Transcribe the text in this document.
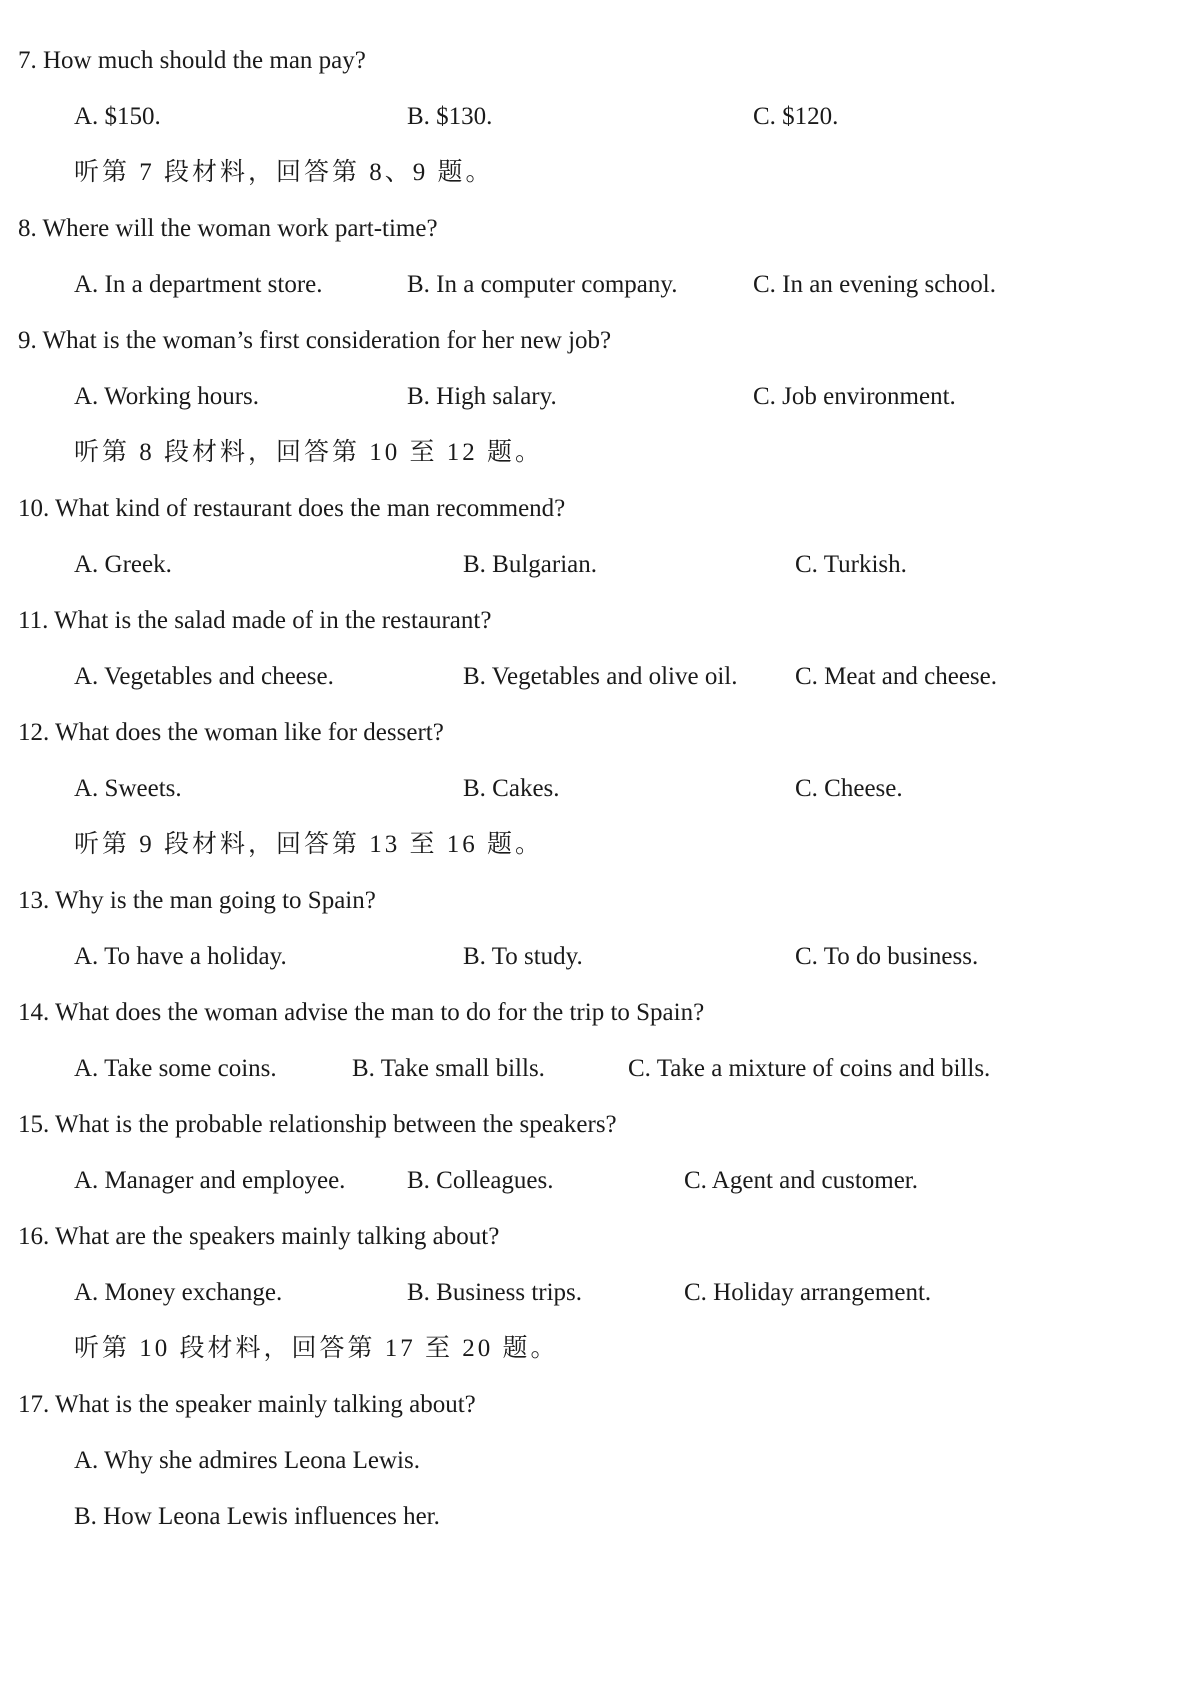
7. How much should the man pay?
A. $150.	B. $130.	C. $120.
听第 7 段材料，回答第 8、9 题。
8. Where will the woman work part-time?
A. In a department store.	B. In a computer company.	C. In an evening school.
9. What is the woman’s first consideration for her new job?
A. Working hours.	B. High salary.	C. Job environment.
听第 8 段材料，回答第 10 至 12 题。
10. What kind of restaurant does the man recommend?
A. Greek.	B. Bulgarian.	C. Turkish.
11. What is the salad made of in the restaurant?
A. Vegetables and cheese.	B. Vegetables and olive oil. C. Meat and cheese.
12. What does the woman like for dessert?
A. Sweets.	B. Cakes.	C. Cheese.
听第 9 段材料，回答第 13 至 16 题。
13. Why is the man going to Spain?
A. To have a holiday.	B. To study.	C. To do business.
14. What does the woman advise the man to do for the trip to Spain?
A. Take some coins.	B. Take small bills.	C. Take a mixture of coins and bills.
15. What is the probable relationship between the speakers?
A. Manager and employee. B. Colleagues.	C. Agent and customer.
16. What are the speakers mainly talking about?
A. Money exchange.	B. Business trips.	C. Holiday arrangement.
听第 10 段材料，回答第 17 至 20 题。
17. What is the speaker mainly talking about?
A. Why she admires Leona Lewis.
B. How Leona Lewis influences her.
